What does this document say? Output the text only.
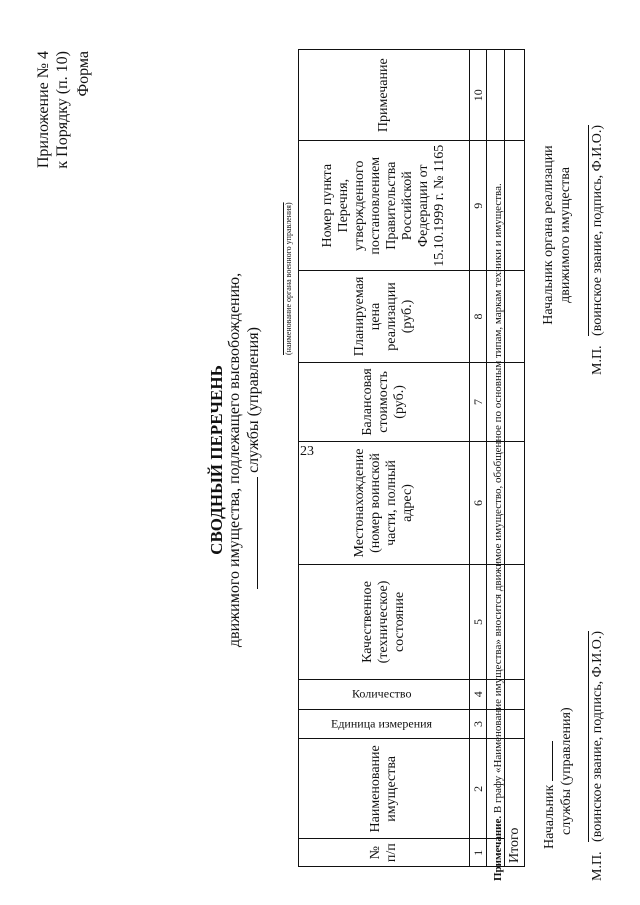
23
Приложение № 4 к Порядку (п. 10) Форма
СВОДНЫЙ ПЕРЕЧЕНЬ движимого имущества, подлежащего высвобождению, службы (управления)
(наименование органа военного управления)
№ п/п	Наименование имущества	Единица измерения	Количество	Качественное (техническое) состояние	Местонахождение (номер воинской части, полный адрес)	Балансовая стоимость (руб.)	Планируемая цена реализации (руб.)	Номер пункта Перечня, утвержденного постановлением Правительства Российской Федерации от 15.10.1999 г. № 1165	Примечание
1	2	3	4	5	6	7	8	9	10

Итого									
Примечание. В графу «Наименование имущества» вносится движимое имущество, обобщенное по основным типам, маркам техники и имущества.
Начальник службы (управления)
Начальник органа реализации движимого имущества
М.П. (воинское звание, подпись, Ф.И.О.)
М.П. (воинское звание, подпись, Ф.И.О.)
